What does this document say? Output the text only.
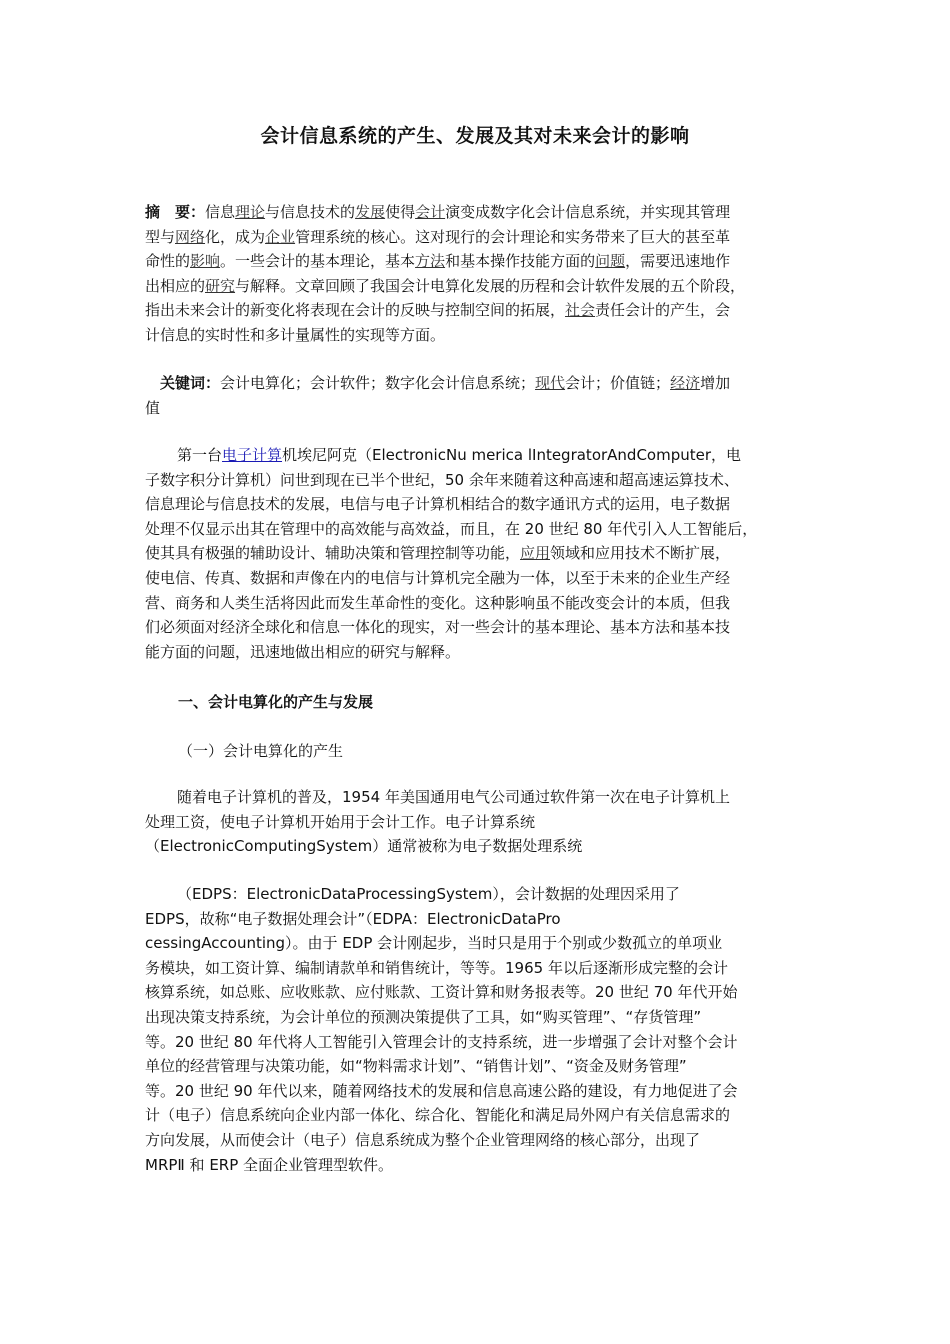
会计信息系统的产生、发展及其对未来会计的影响
摘　要：信息理论与信息技术的发展使得会计演变成数字化会计信息系统，并实现其管理
型与网络化，成为企业管理系统的核心。这对现行的会计理论和实务带来了巨大的甚至革
命性的影响。一些会计的基本理论，基本方法和基本操作技能方面的问题，需要迅速地作
出相应的研究与解释。文章回顾了我国会计电算化发展的历程和会计软件发展的五个阶段，
指出未来会计的新变化将表现在会计的反映与控制空间的拓展，社会责任会计的产生，会
计信息的实时性和多计量属性的实现等方面。
关键词：会计电算化；会计软件；数字化会计信息系统；现代会计；价值链；经济增加
值
第一台电子计算机埃尼阿克（ElectronicNu merica lIntegratorAndComputer，电
子数字积分计算机）问世到现在已半个世纪，50 余年来随着这种高速和超高速运算技术、
信息理论与信息技术的发展，电信与电子计算机相结合的数字通讯方式的运用，电子数据
处理不仅显示出其在管理中的高效能与高效益，而且，在 20 世纪 80 年代引入人工智能后，
使其具有极强的辅助设计、辅助决策和管理控制等功能，应用领域和应用技术不断扩展，
使电信、传真、数据和声像在内的电信与计算机完全融为一体，以至于未来的企业生产经
营、商务和人类生活将因此而发生革命性的变化。这种影响虽不能改变会计的本质，但我
们必须面对经济全球化和信息一体化的现实，对一些会计的基本理论、基本方法和基本技
能方面的问题，迅速地做出相应的研究与解释。
一、会计电算化的产生与发展
（一）会计电算化的产生
随着电子计算机的普及，1954 年美国通用电气公司通过软件第一次在电子计算机上
处理工资，使电子计算机开始用于会计工作。电子计算系统
（ElectronicComputingSystem）通常被称为电子数据处理系统
（EDPS：ElectronicDataProcessingSystem），会计数据的处理因采用了
EDPS，故称“电子数据处理会计”（EDPA：ElectronicDataPro
cessingAccounting）。由于 EDP 会计刚起步，当时只是用于个别或少数孤立的单项业
务模块，如工资计算、编制请款单和销售统计，等等。1965 年以后逐渐形成完整的会计
核算系统，如总账、应收账款、应付账款、工资计算和财务报表等。20 世纪 70 年代开始
出现决策支持系统，为会计单位的预测决策提供了工具，如“购买管理”、“存货管理”
等。20 世纪 80 年代将人工智能引入管理会计的支持系统，进一步增强了会计对整个会计
单位的经营管理与决策功能，如“物料需求计划”、“销售计划”、“资金及财务管理”
等。20 世纪 90 年代以来，随着网络技术的发展和信息高速公路的建设，有力地促进了会
计（电子）信息系统向企业内部一体化、综合化、智能化和满足局外网户有关信息需求的
方向发展，从而使会计（电子）信息系统成为整个企业管理网络的核心部分，出现了
MRPⅡ 和 ERP 全面企业管理型软件。
